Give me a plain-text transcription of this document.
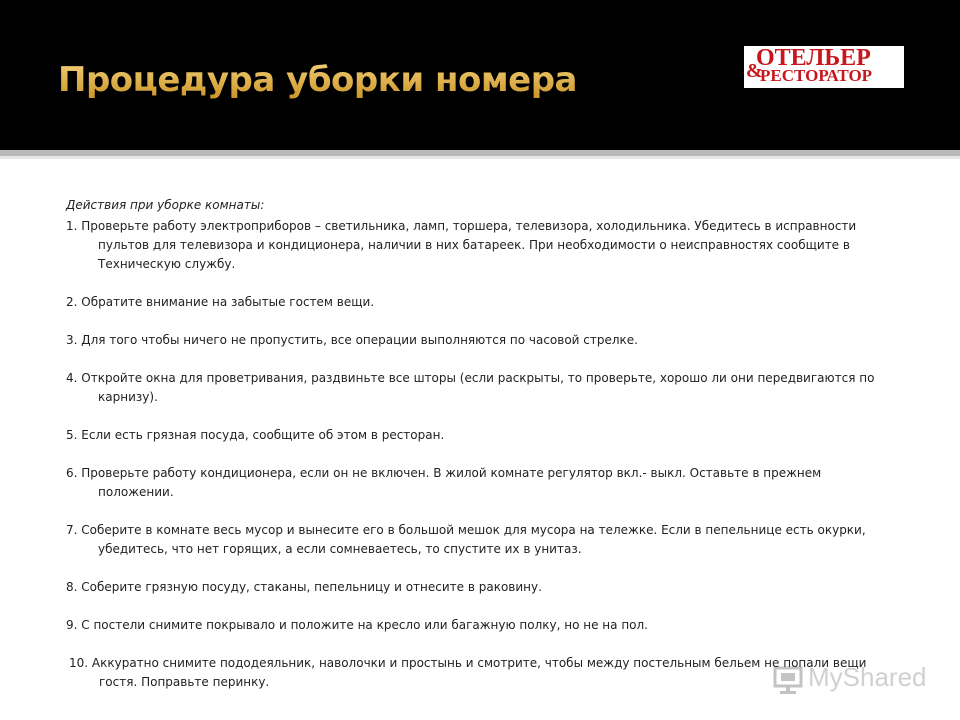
Процедура уборки номера
ОТЕЛЬЕР
&
РЕСТОРАТОР
Действия при уборке комнаты:
1. Проверьте работу электроприборов – светильника, ламп, торшера, телевизора, холодильника. Убедитесь в исправности пультов для телевизора и кондиционера, наличии в них батареек. При необходимости о неисправностях сообщите в Техническую службу.
2. Обратите внимание на забытые гостем вещи.
3. Для того чтобы ничего не пропустить, все операции выполняются по часовой стрелке.
4. Откройте окна для проветривания, раздвиньте все шторы (если раскрыты, то проверьте, хорошо ли они передвигаются по карнизу).
5. Если есть грязная посуда, сообщите об этом в ресторан.
6. Проверьте работу кондиционера, если он не включен. В жилой комнате регулятор вкл.- выкл. Оставьте в прежнем положении.
7. Соберите в комнате весь мусор и вынесите его в большой мешок для мусора на тележке. Если в пепельнице есть окурки, убедитесь, что нет горящих, а если сомневаетесь, то спустите их в унитаз.
8. Соберите грязную посуду, стаканы, пепельницу и отнесите в раковину.
9. С постели снимите покрывало и положите на кресло или багажную полку, но не на пол.
10. Аккуратно снимите пододеяльник, наволочки и простынь и смотрите, чтобы между постельным бельем не попали вещи гостя. Поправьте перинку.	MyShared
